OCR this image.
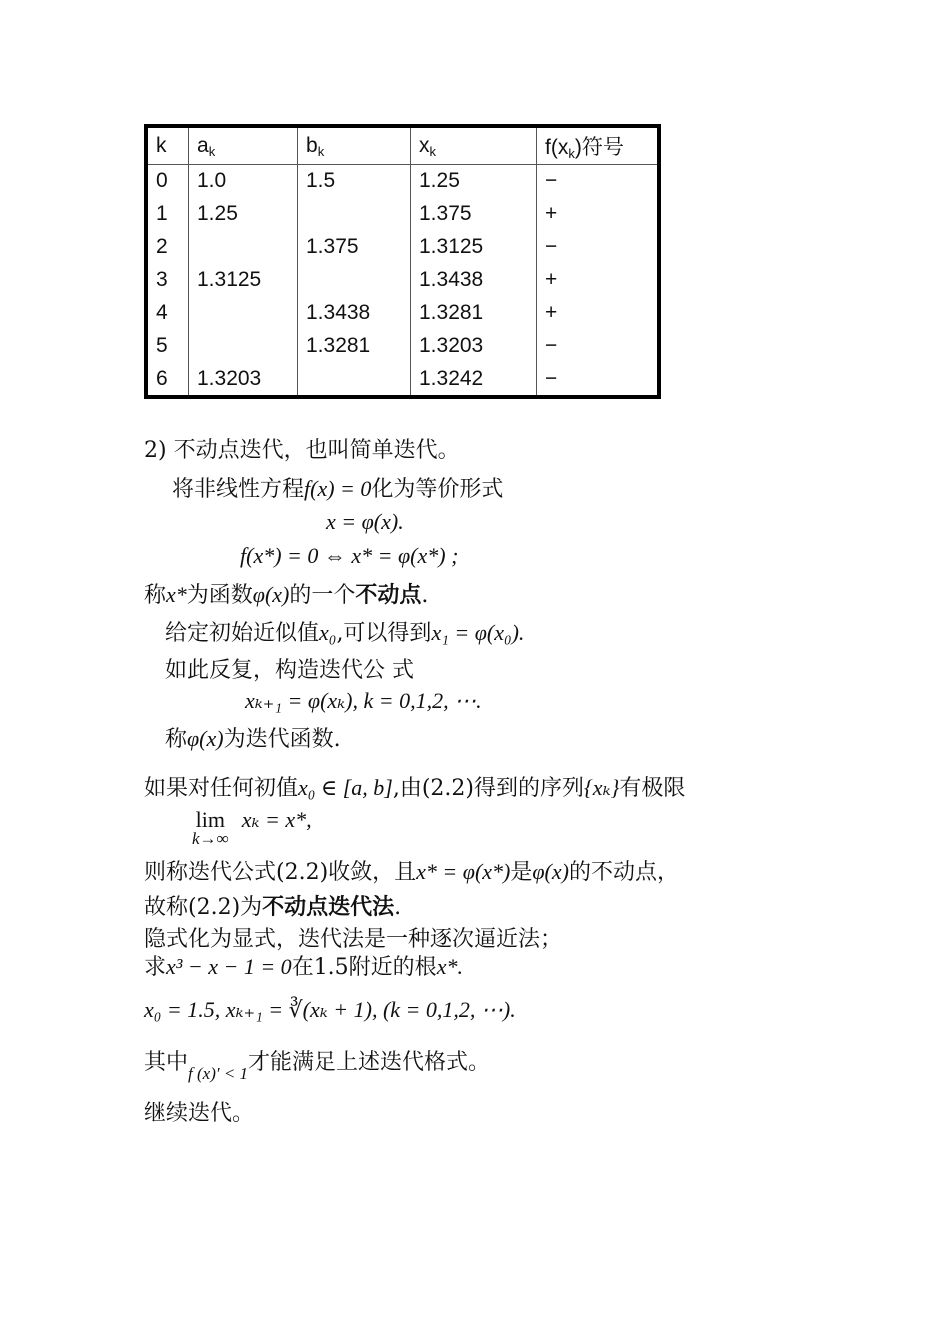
k	$a_k$	$b_k$	$x_k$	$f(x_k)$符号
0	1.0	1.5	1.25	−
1	1.25		1.375	+
2		1.375	1.3125	−
3	1.3125		1.3438	+
4		1.3438	1.3281	+
5		1.3281	1.3203	−
6	1.3203		1.3242	−
2) 不动点迭代，也叫简单迭代。
将非线性方程f(x) = 0化为等价形式
x = φ(x).
f(x*) = 0 ⇔ x* = φ(x*) ;
称x*为函数φ(x)的一个不动点.
给定初始近似值x₀,可以得到x₁ = φ(x₀).
如此反复，构造迭代公 式
xₖ₊₁ = φ(xₖ), k = 0,1,2, ⋯.
称φ(x)为迭代函数.
如果对任何初值x₀ ∈ [a, b],由(2.2)得到的序列{xₖ}有极限
lim
k→∞
xₖ = x*,
则称迭代公式(2.2)收敛，且x* = φ(x*)是φ(x)的不动点，
故称(2.2)为不动点迭代法.
隐式化为显式，迭代法是一种逐次逼近法；
求x³ − x − 1 = 0在1.5附近的根x*.
x₀ = 1.5, xₖ₊₁ = ∛(xₖ + 1), (k = 0,1,2, ⋯).
其中$_{f (x)' < 1}$才能满足上述迭代格式。
继续迭代。
